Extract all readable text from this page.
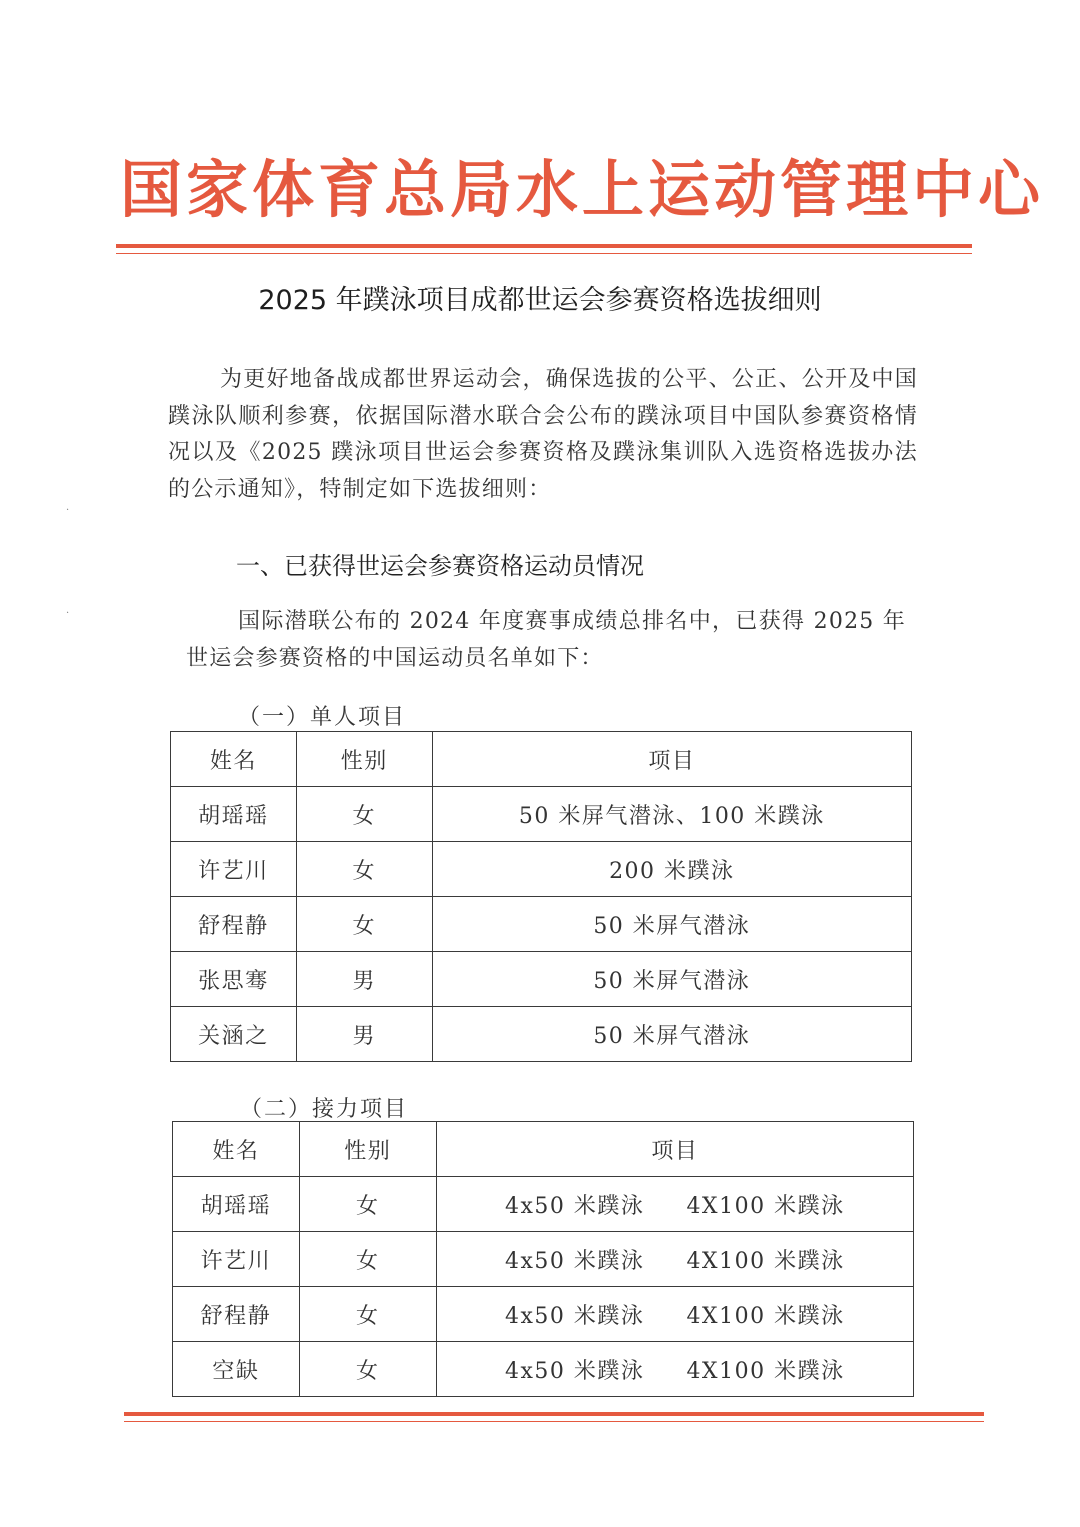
国家体育总局水上运动管理中心
2025 年蹼泳项目成都世运会参赛资格选拔细则
为更好地备战成都世界运动会，确保选拔的公平、公正、公开及中国蹼泳队顺利参赛，依据国际潜水联合会公布的蹼泳项目中国队参赛资格情况以及《2025 蹼泳项目世运会参赛资格及蹼泳集训队入选资格选拔办法的公示通知》，特制定如下选拔细则：
一、已获得世运会参赛资格运动员情况
国际潜联公布的 2024 年度赛事成绩总排名中，已获得 2025 年世运会参赛资格的中国运动员名单如下：
（一）单人项目
姓名	性别	项目
胡瑶瑶	女	50 米屏气潜泳、100 米蹼泳
许艺川	女	200 米蹼泳
舒程静	女	50 米屏气潜泳
张思骞	男	50 米屏气潜泳
关涵之	男	50 米屏气潜泳
（二）接力项目
姓名	性别	项目
胡瑶瑶	女	4x50 米蹼泳 4X100 米蹼泳
许艺川	女	4x50 米蹼泳 4X100 米蹼泳
舒程静	女	4x50 米蹼泳 4X100 米蹼泳
空缺	女	4x50 米蹼泳 4X100 米蹼泳
·
·
